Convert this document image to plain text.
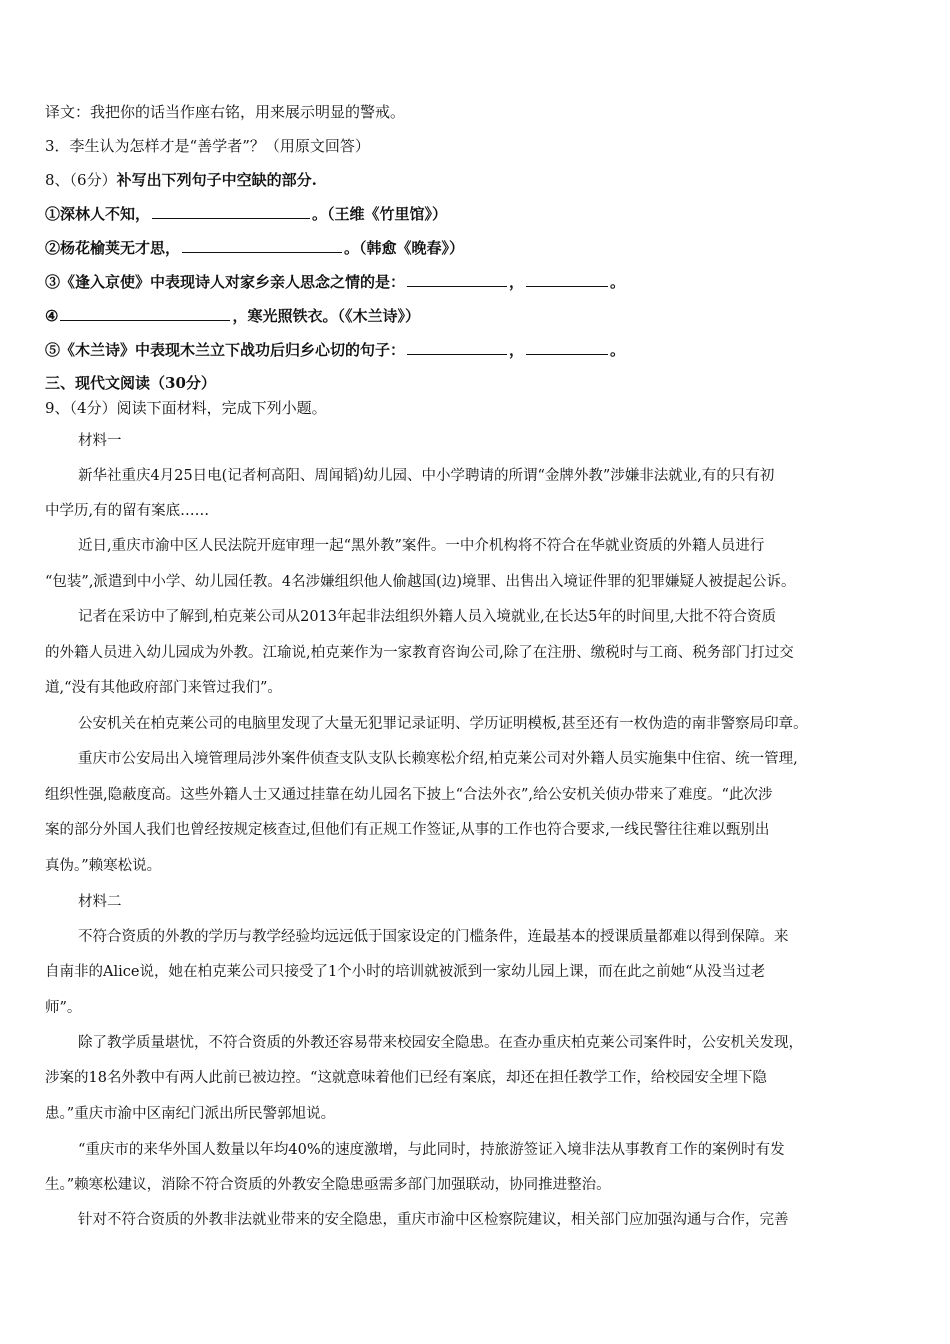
译文：我把你的话当作座右铭，用来展示明显的警戒。
3．李生认为怎样才是“善学者”？（用原文回答）
8、（6分）补写出下列句子中空缺的部分.
①深林人不知，	。（王维《竹里馆》）
②杨花榆荚无才思，	。（韩愈《晚春》）
③《逢入京使》中表现诗人对家乡亲人思念之情的是：	，	。
④	，寒光照铁衣。（《木兰诗》）
⑤《木兰诗》中表现木兰立下战功后归乡心切的句子：	，	。
三、现代文阅读（30分）
9、（4分）阅读下面材料，完成下列小题。
材料一
新华社重庆4月25日电(记者柯高阳、周闻韬)幼儿园、中小学聘请的所谓“金牌外教”涉嫌非法就业,有的只有初
中学历,有的留有案底……
近日,重庆市渝中区人民法院开庭审理一起“黑外教”案件。一中介机构将不符合在华就业资质的外籍人员进行
“包装”,派遣到中小学、幼儿园任教。4名涉嫌组织他人偷越国(边)境罪、出售出入境证件罪的犯罪嫌疑人被提起公诉。
记者在采访中了解到,柏克莱公司从2013年起非法组织外籍人员入境就业,在长达5年的时间里,大批不符合资质
的外籍人员进入幼儿园成为外教。江瑜说,柏克莱作为一家教育咨询公司,除了在注册、缴税时与工商、税务部门打过交
道,“没有其他政府部门来管过我们”。
公安机关在柏克莱公司的电脑里发现了大量无犯罪记录证明、学历证明模板,甚至还有一枚伪造的南非警察局印章。
重庆市公安局出入境管理局涉外案件侦查支队支队长赖寒松介绍,柏克莱公司对外籍人员实施集中住宿、统一管理,
组织性强,隐蔽度高。这些外籍人士又通过挂靠在幼儿园名下披上“合法外衣”,给公安机关侦办带来了难度。“此次涉
案的部分外国人我们也曾经按规定核查过,但他们有正规工作签证,从事的工作也符合要求,一线民警往往难以甄别出
真伪。”赖寒松说。
材料二
不符合资质的外教的学历与教学经验均远远低于国家设定的门槛条件，连最基本的授课质量都难以得到保障。来
自南非的Alice说，她在柏克莱公司只接受了1个小时的培训就被派到一家幼儿园上课，而在此之前她“从没当过老
师”。
除了教学质量堪忧，不符合资质的外教还容易带来校园安全隐患。在查办重庆柏克莱公司案件时，公安机关发现，
涉案的18名外教中有两人此前已被边控。“这就意味着他们已经有案底，却还在担任教学工作，给校园安全埋下隐
患。”重庆市渝中区南纪门派出所民警郭旭说。
“重庆市的来华外国人数量以年均40%的速度激增，与此同时，持旅游签证入境非法从事教育工作的案例时有发
生。”赖寒松建议，消除不符合资质的外教安全隐患亟需多部门加强联动，协同推进整治。
针对不符合资质的外教非法就业带来的安全隐患，重庆市渝中区检察院建议，相关部门应加强沟通与合作，完善
